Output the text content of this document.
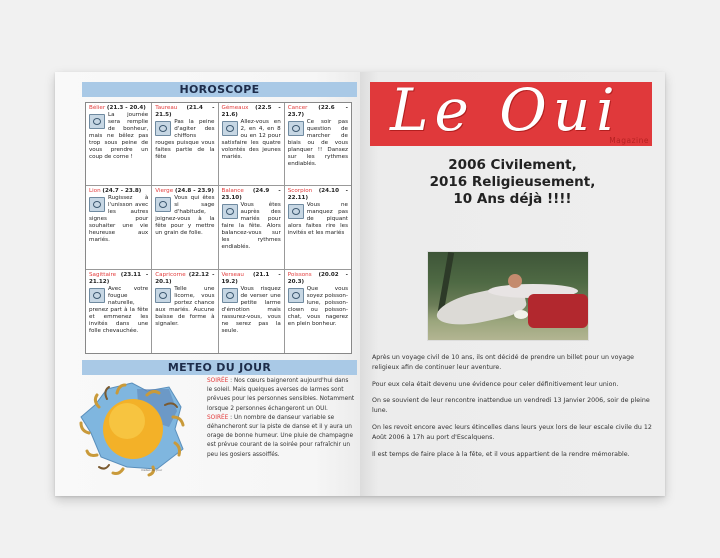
HOROSCOPE
Bélier (21.3 - 20.4)

La journée sera remplie de bonheur, mais ne bêlez pas trop sous peine de vous prendre un coup de corne !
Taureau (21.4 - 21.5)

Pas la peine d'agiter des chiffons rouges puisque vous faites partie de la fête
Gémeaux (22.5 - 21.6)

Allez-vous en 2, en 4, en 8 ou en 12 pour satisfaire les quatre volontés des jeunes mariés.
Cancer (22.6 - 23.7)

Ce soir pas question de marcher de biais ou de vous planquer !! Dansez sur les rythmes endiablés.
Lion (24.7 - 23.8)

Rugissez à l'unisson avec les autres signes pour souhaiter une vie heureuse aux mariés.
Vierge (24.8 - 23.9)

Vous qui êtes si sage d'habitude, joignez-vous à la fête pour y mettre un grain de folie.
Balance (24.9 - 23.10)

Vous êtes auprès des mariés pour faire la fête. Alors balancez-vous sur les rythmes endiablés.
Scorpion (24.10 - 22.11)

Vous ne manquez pas de piquant alors faites rire les invités et les mariés
Sagittaire (23.11 - 21.12)

Avec votre fougue naturelle, prenez part à la fête et emmenez les invités dans une folle chevauchée.
Capricorne (22.12 - 20.1)

Telle une licorne, vous portez chance aux mariés. Aucune baisse de forme à signaler.
Verseau (21.1 - 19.2)

Vous risquez de verser une petite larme d'émotion mais rassurez-vous, vous ne serez pas la seule.
Poissons (20.02 - 20.3)

Que vous soyez poisson-lune, poisson-clown ou poisson-chat, vous nagerez en plein bonheur.
METEO DU JOUR
météo du jour
SOIRÉE : Nos cœurs baigneront aujourd'hui dans le soleil. Mais quelques averses de larmes sont prévues pour les personnes sensibles. Notamment lorsque 2 personnes échangeront un OUI.
SOIRÉE : Un nombre de danseur variable se déhancheront sur la piste de danse et il y aura un orage de bonne humeur. Une pluie de champagne est prévue courant de la soirée pour rafraîchir un peu les gosiers assoiffés.
Le Oui
Magazine
2006 Civilement,
2016 Religieusement,
10 Ans déjà !!!!

Après un voyage civil de 10 ans, ils ont décidé de prendre un billet pour un voyage religieux afin de continuer leur aventure.

Pour eux cela était devenu une évidence pour celer définitivement leur union.

On se souvient de leur rencontre inattendue un vendredi 13 Janvier 2006, soir de pleine lune.

On les revoit encore avec leurs étincelles dans leurs yeux lors de leur escale civile du 12 Août 2006 à 17h au port d'Escalquens.

Il est temps de faire place à la fête, et il vous appartient de la rendre mémorable.
